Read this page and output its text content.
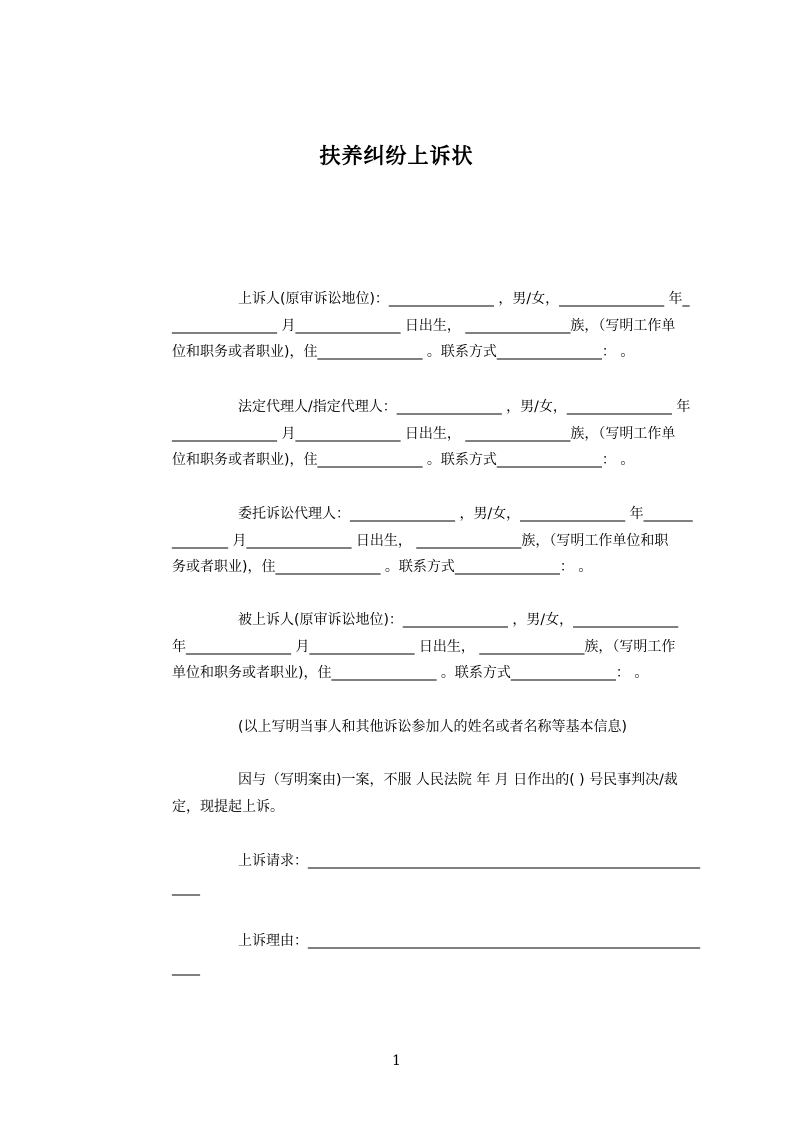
扶养纠纷上诉状
上诉人(原审诉讼地位)：_______________ ，男/女，_______________ 年_
_______________ 月_______________ 日出生， _______________族，（写明工作单
位和职务或者职业)，住_______________ 。联系方式_______________： 。
法定代理人/指定代理人：_______________ ，男/女，_______________ 年
_______________ 月_______________ 日出生， _______________族，（写明工作单
位和职务或者职业)，住_______________ 。联系方式_______________： 。
委托诉讼代理人：_______________ ，男/女，_______________ 年_______
________ 月_______________ 日出生， _______________族，（写明工作单位和职
务或者职业)，住_______________ 。联系方式_______________： 。
被上诉人(原审诉讼地位)：_______________ ，男/女，_______________
年_______________ 月_______________ 日出生， _______________族，（写明工作
单位和职务或者职业)，住_______________ 。联系方式_______________： 。
(以上写明当事人和其他诉讼参加人的姓名或者名称等基本信息)
因与（写明案由)一案，不服 人民法院 年 月 日作出的( ) 号民事判决/裁
定，现提起上诉。
上诉请求：________________________________________________________
____
上诉理由：________________________________________________________
____
1
